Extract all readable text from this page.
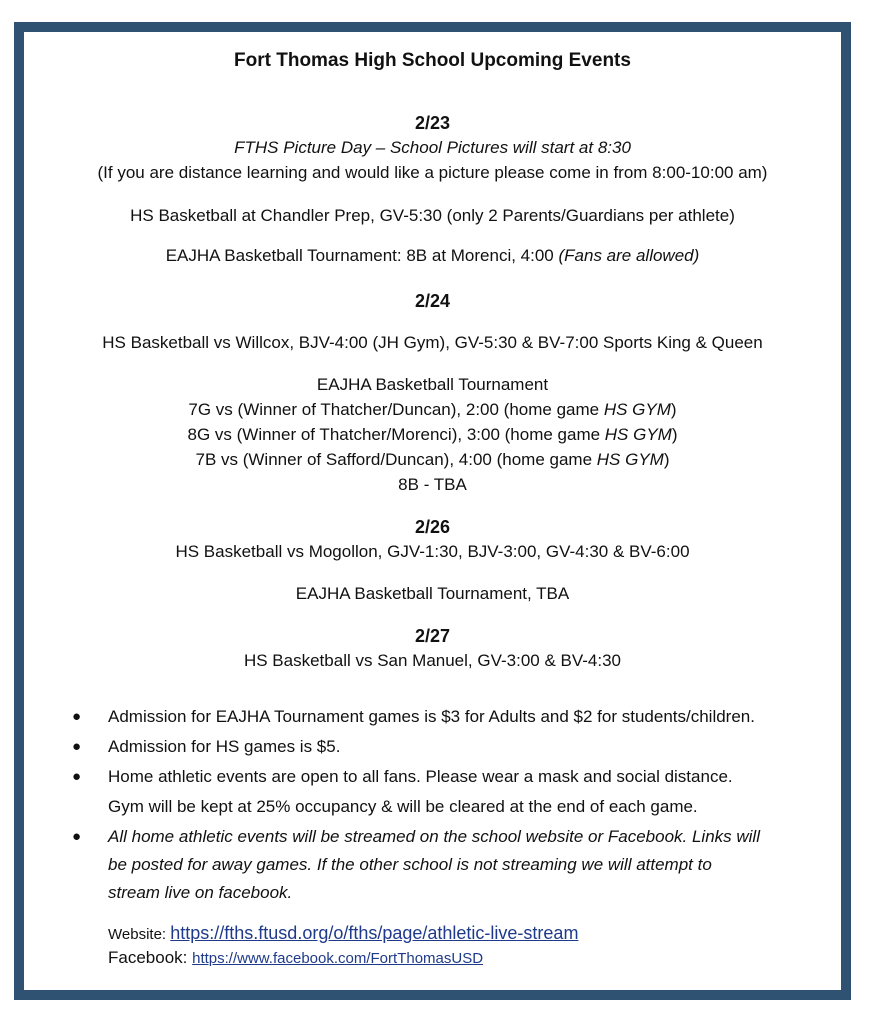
Fort Thomas High School Upcoming Events
2/23
FTHS Picture Day – School Pictures will start at 8:30
(If you are distance learning and would like a picture please come in from 8:00-10:00 am)
HS Basketball at Chandler Prep, GV-5:30 (only 2 Parents/Guardians per athlete)
EAJHA Basketball Tournament: 8B at Morenci, 4:00 (Fans are allowed)
2/24
HS Basketball vs Willcox, BJV-4:00 (JH Gym), GV-5:30 & BV-7:00 Sports King & Queen
EAJHA Basketball Tournament
7G vs (Winner of Thatcher/Duncan), 2:00 (home game HS GYM)
8G vs (Winner of Thatcher/Morenci), 3:00 (home game HS GYM)
7B vs (Winner of Safford/Duncan), 4:00 (home game HS GYM)
8B - TBA
2/26
HS Basketball vs Mogollon, GJV-1:30, BJV-3:00, GV-4:30 & BV-6:00
EAJHA Basketball Tournament, TBA
2/27
HS Basketball vs San Manuel, GV-3:00 & BV-4:30
● Admission for EAJHA Tournament games is $3 for Adults and $2 for students/children.
● Admission for HS games is $5.
● Home athletic events are open to all fans. Please wear a mask and social distance.
Gym will be kept at 25% occupancy & will be cleared at the end of each game.
● All home athletic events will be streamed on the school website or Facebook. Links will
be posted for away games. If the other school is not streaming we will attempt to
stream live on facebook.
Website: https://fths.ftusd.org/o/fths/page/athletic-live-stream
Facebook: https://www.facebook.com/FortThomasUSD
